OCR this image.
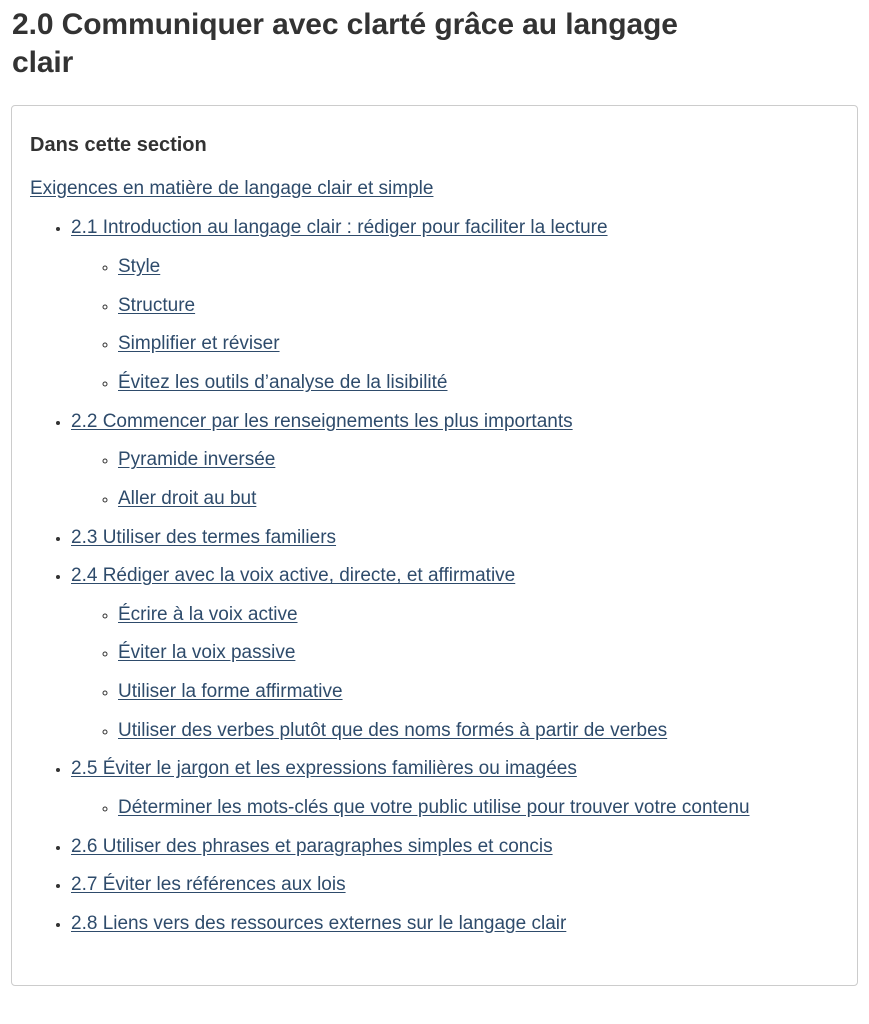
2.0 Communiquer avec clarté grâce au langage clair
Dans cette section

Exigences en matière de langage clair et simple

• 2.1 Introduction au langage clair : rédiger pour faciliter la lecture
◦ Style
◦ Structure
◦ Simplifier et réviser
◦ Évitez les outils d’analyse de la lisibilité
• 2.2 Commencer par les renseignements les plus importants
◦ Pyramide inversée
◦ Aller droit au but
• 2.3 Utiliser des termes familiers
• 2.4 Rédiger avec la voix active, directe, et affirmative
◦ Écrire à la voix active
◦ Éviter la voix passive
◦ Utiliser la forme affirmative
◦ Utiliser des verbes plutôt que des noms formés à partir de verbes
• 2.5 Éviter le jargon et les expressions familières ou imagées
◦ Déterminer les mots-clés que votre public utilise pour trouver votre contenu
• 2.6 Utiliser des phrases et paragraphes simples et concis
• 2.7 Éviter les références aux lois
• 2.8 Liens vers des ressources externes sur le langage clair
